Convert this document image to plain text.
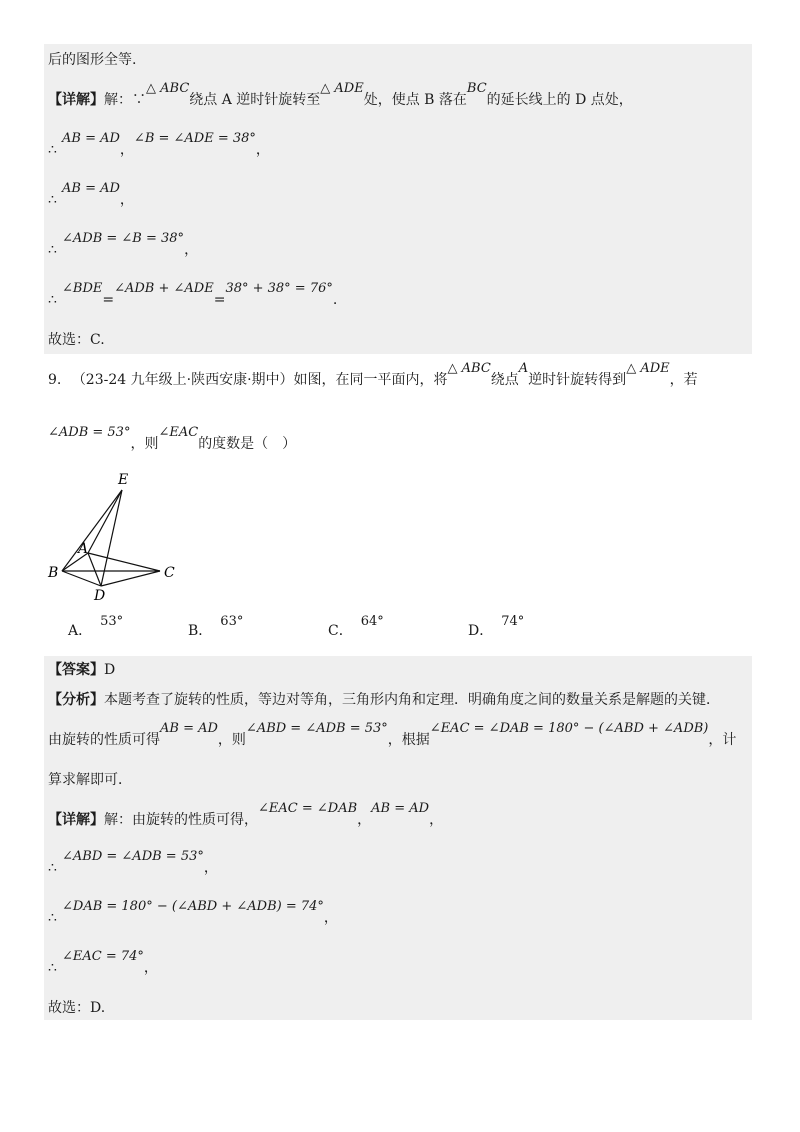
后的图形全等.
【详解】解：∵△ ABC绕点 A 逆时针旋转至△ ADE处，使点 B 落在BC的延长线上的 D 点处，
∴AB = AD，∠B = ∠ADE = 38°，
∴AB = AD，
∴∠ADB = ∠B = 38°，
∴∠BDE=∠ADB + ∠ADE=38° + 38° = 76°.
故选：C.
9. （23-24 九年级上·陕西安康·期中）如图，在同一平面内，将△ ABC绕点A逆时针旋转得到△ ADE，若
∠ADB = 53°，则∠EAC的度数是（　）
E
A
B	C
D
A．53°
B．63°
C．64°
D．74°
【答案】D
【分析】本题考查了旋转的性质，等边对等角，三角形内角和定理．明确角度之间的数量关系是解题的关键．
由旋转的性质可得AB = AD，则∠ABD = ∠ADB = 53°，根据∠EAC = ∠DAB = 180° − (∠ABD + ∠ADB)，计
算求解即可．
【详解】解：由旋转的性质可得，∠EAC = ∠DAB，AB = AD，
∴∠ABD = ∠ADB = 53°，
∴∠DAB = 180° − (∠ABD + ∠ADB) = 74°，
∴∠EAC = 74°，
故选：D.
